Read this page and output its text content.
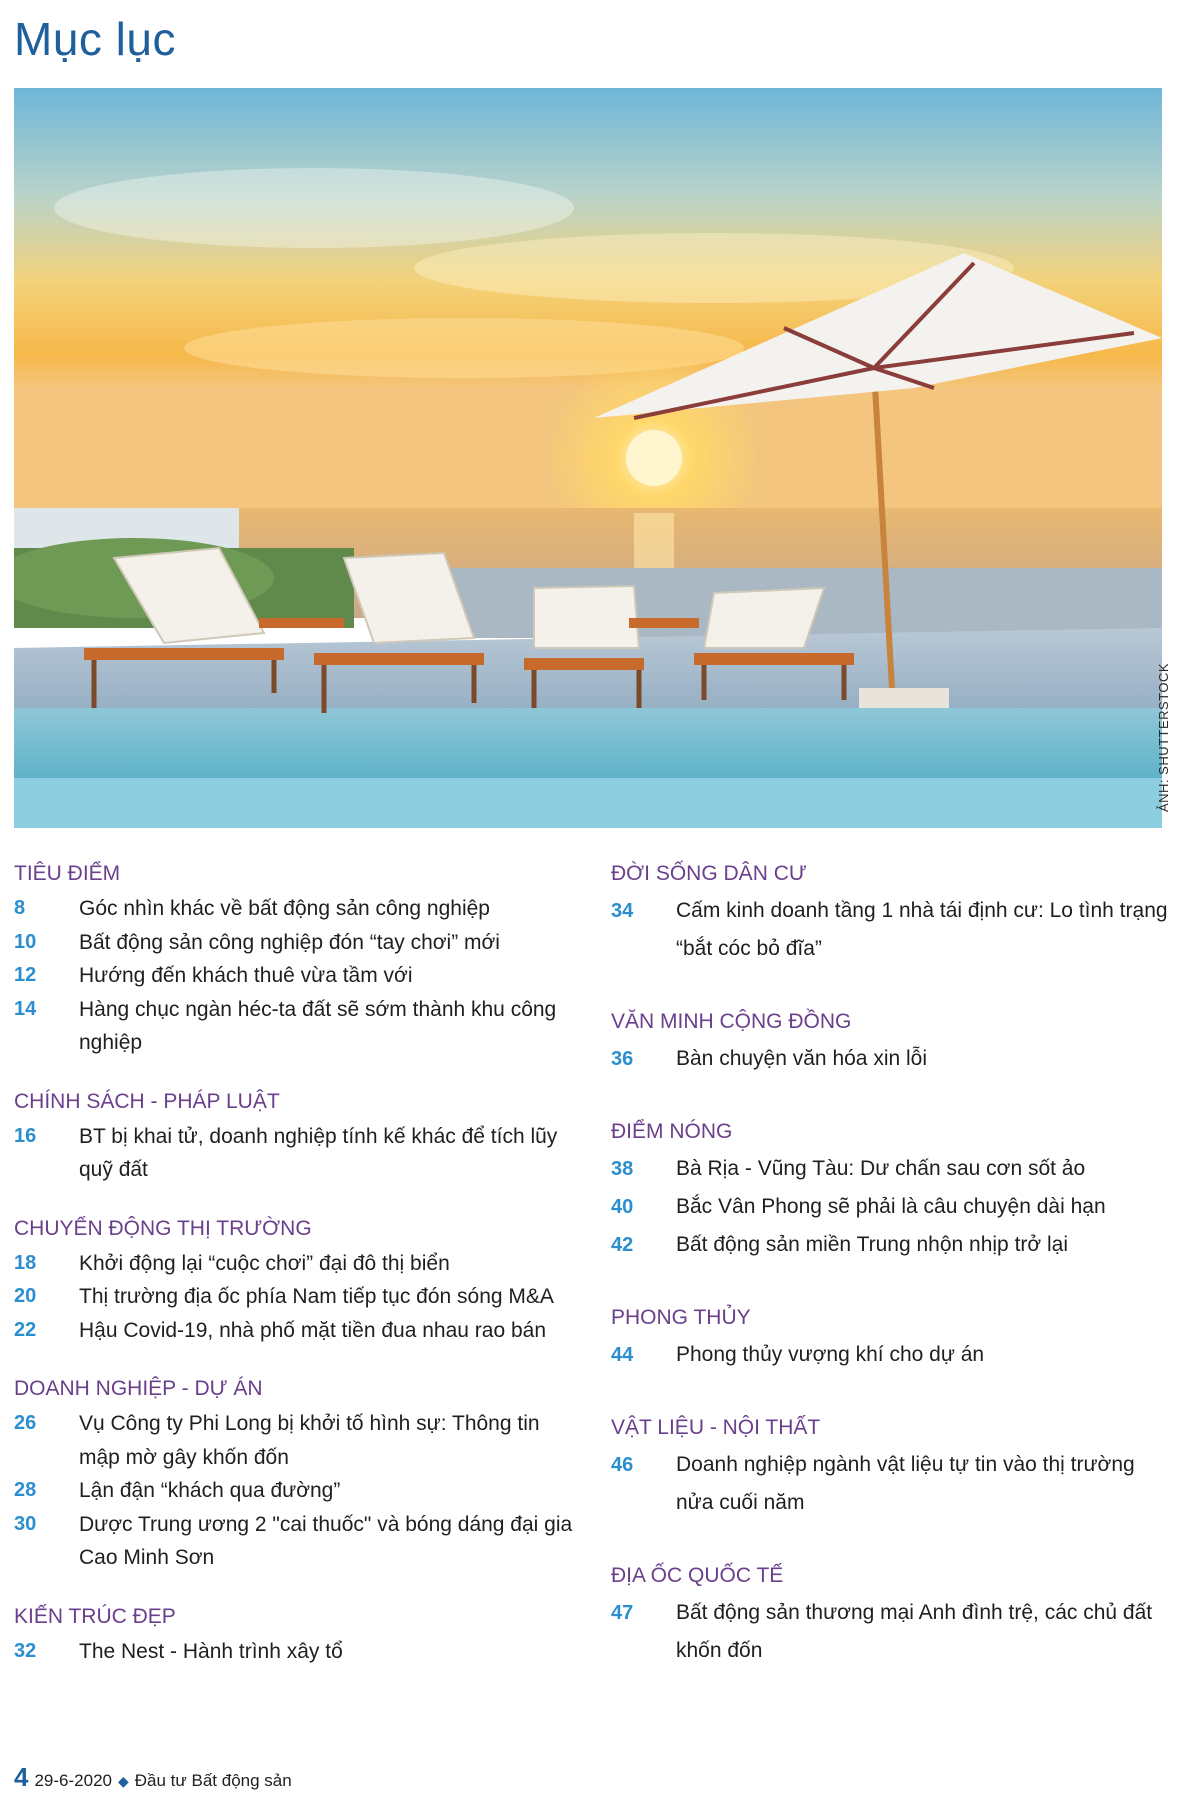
Mục lục
ẢNH: SHUTTERSTOCK
TIÊU ĐIỂM
8	Góc nhìn khác về bất động sản công nghiệp
10	Bất động sản công nghiệp đón “tay chơi” mới
12	Hướng đến khách thuê vừa tầm với
14	Hàng chục ngàn héc-ta đất sẽ sớm thành khu công nghiệp
CHÍNH SÁCH - PHÁP LUẬT
16	BT bị khai tử, doanh nghiệp tính kế khác để tích lũy quỹ đất
CHUYỂN ĐỘNG THỊ TRƯỜNG
18	Khởi động lại “cuộc chơi” đại đô thị biển
20	Thị trường địa ốc phía Nam tiếp tục đón sóng M&A
22	Hậu Covid-19, nhà phố mặt tiền đua nhau rao bán
DOANH NGHIỆP - DỰ ÁN
26	Vụ Công ty Phi Long bị khởi tố hình sự: Thông tin mập mờ gây khốn đốn
28	Lận đận “khách qua đường”
30	Dược Trung ương 2 "cai thuốc" và bóng dáng đại gia Cao Minh Sơn
KIẾN TRÚC ĐẸP
32	The Nest - Hành trình xây tổ
ĐỜI SỐNG DÂN CƯ
34	Cấm kinh doanh tầng 1 nhà tái định cư: Lo tình trạng “bắt cóc bỏ đĩa”
VĂN MINH CỘNG ĐỒNG
36	Bàn chuyện văn hóa xin lỗi
ĐIỂM NÓNG
38	Bà Rịa - Vũng Tàu: Dư chấn sau cơn sốt ảo
40	Bắc Vân Phong sẽ phải là câu chuyện dài hạn
42	Bất động sản miền Trung nhộn nhịp trở lại
PHONG THỦY
44	Phong thủy vượng khí cho dự án
VẬT LIỆU - NỘI THẤT
46	Doanh nghiệp ngành vật liệu tự tin vào thị trường nửa cuối năm
ĐỊA ỐC QUỐC TẾ
47	Bất động sản thương mại Anh đình trệ, các chủ đất khốn đốn
4 29-6-2020 ◆ Đầu tư Bất động sản
